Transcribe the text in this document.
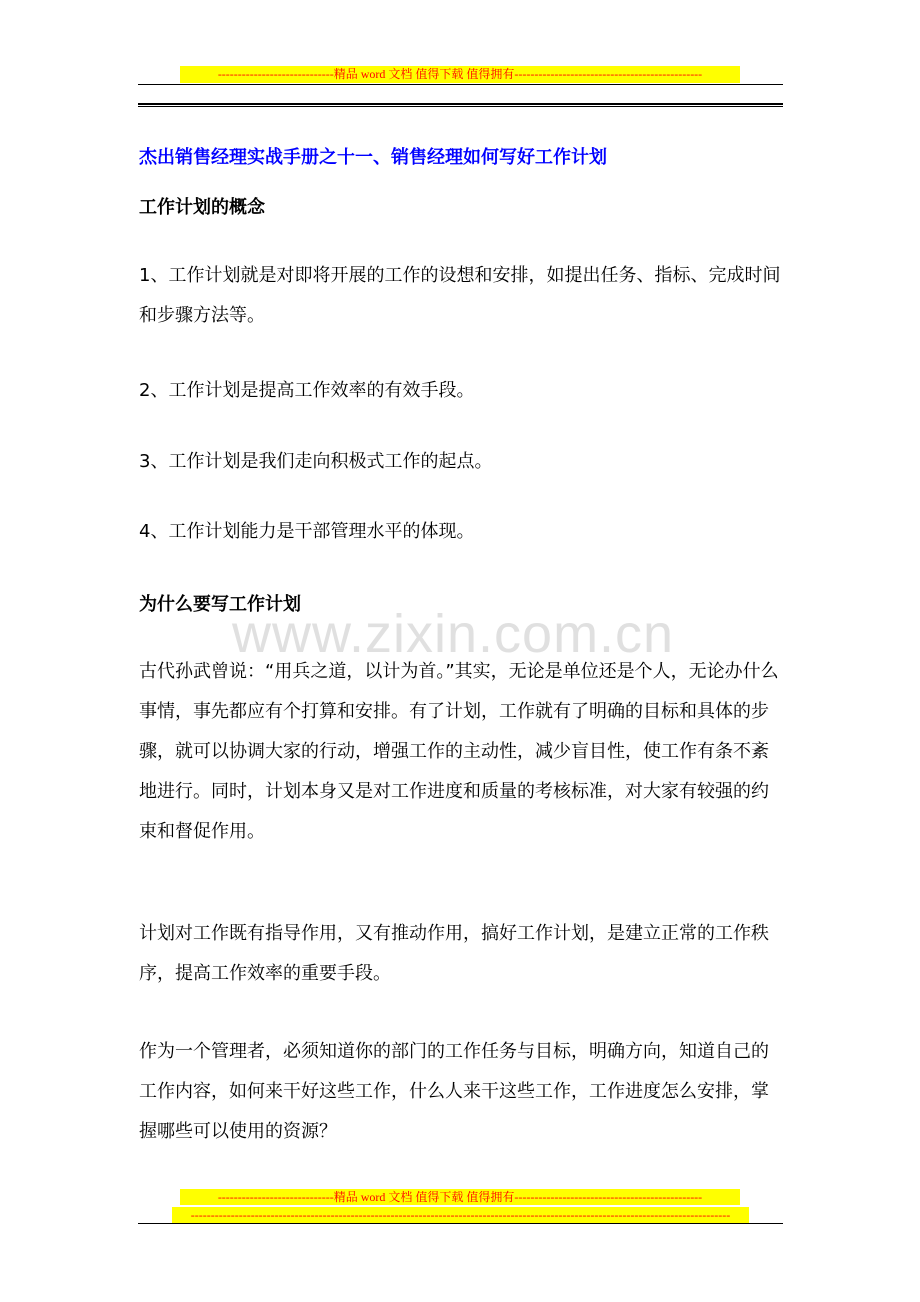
-----------------------------精品 word 文档 值得下载 值得拥有-----------------------------------------------
杰出销售经理实战手册之十一、销售经理如何写好工作计划
工作计划的概念

1、工作计划就是对即将开展的工作的设想和安排，如提出任务、指标、完成时间和步骤方法等。

2、工作计划是提高工作效率的有效手段。

3、工作计划是我们走向积极式工作的起点。

4、工作计划能力是干部管理水平的体现。

为什么要写工作计划

古代孙武曾说：“用兵之道，以计为首。”其实，无论是单位还是个人，无论办什么事情，事先都应有个打算和安排。有了计划，工作就有了明确的目标和具体的步骤，就可以协调大家的行动，增强工作的主动性，减少盲目性，使工作有条不紊地进行。同时，计划本身又是对工作进度和质量的考核标准，对大家有较强的约束和督促作用。

计划对工作既有指导作用，又有推动作用，搞好工作计划，是建立正常的工作秩序，提高工作效率的重要手段。

作为一个管理者，必须知道你的部门的工作任务与目标，明确方向，知道自己的工作内容，如何来干好这些工作，什么人来干这些工作，工作进度怎么安排，掌握哪些可以使用的资源？

www.zixin.com.cn
-----------------------------精品 word 文档 值得下载 值得拥有-----------------------------------------------
---------------------------------------------------------------------------------------------------------------------------------------
